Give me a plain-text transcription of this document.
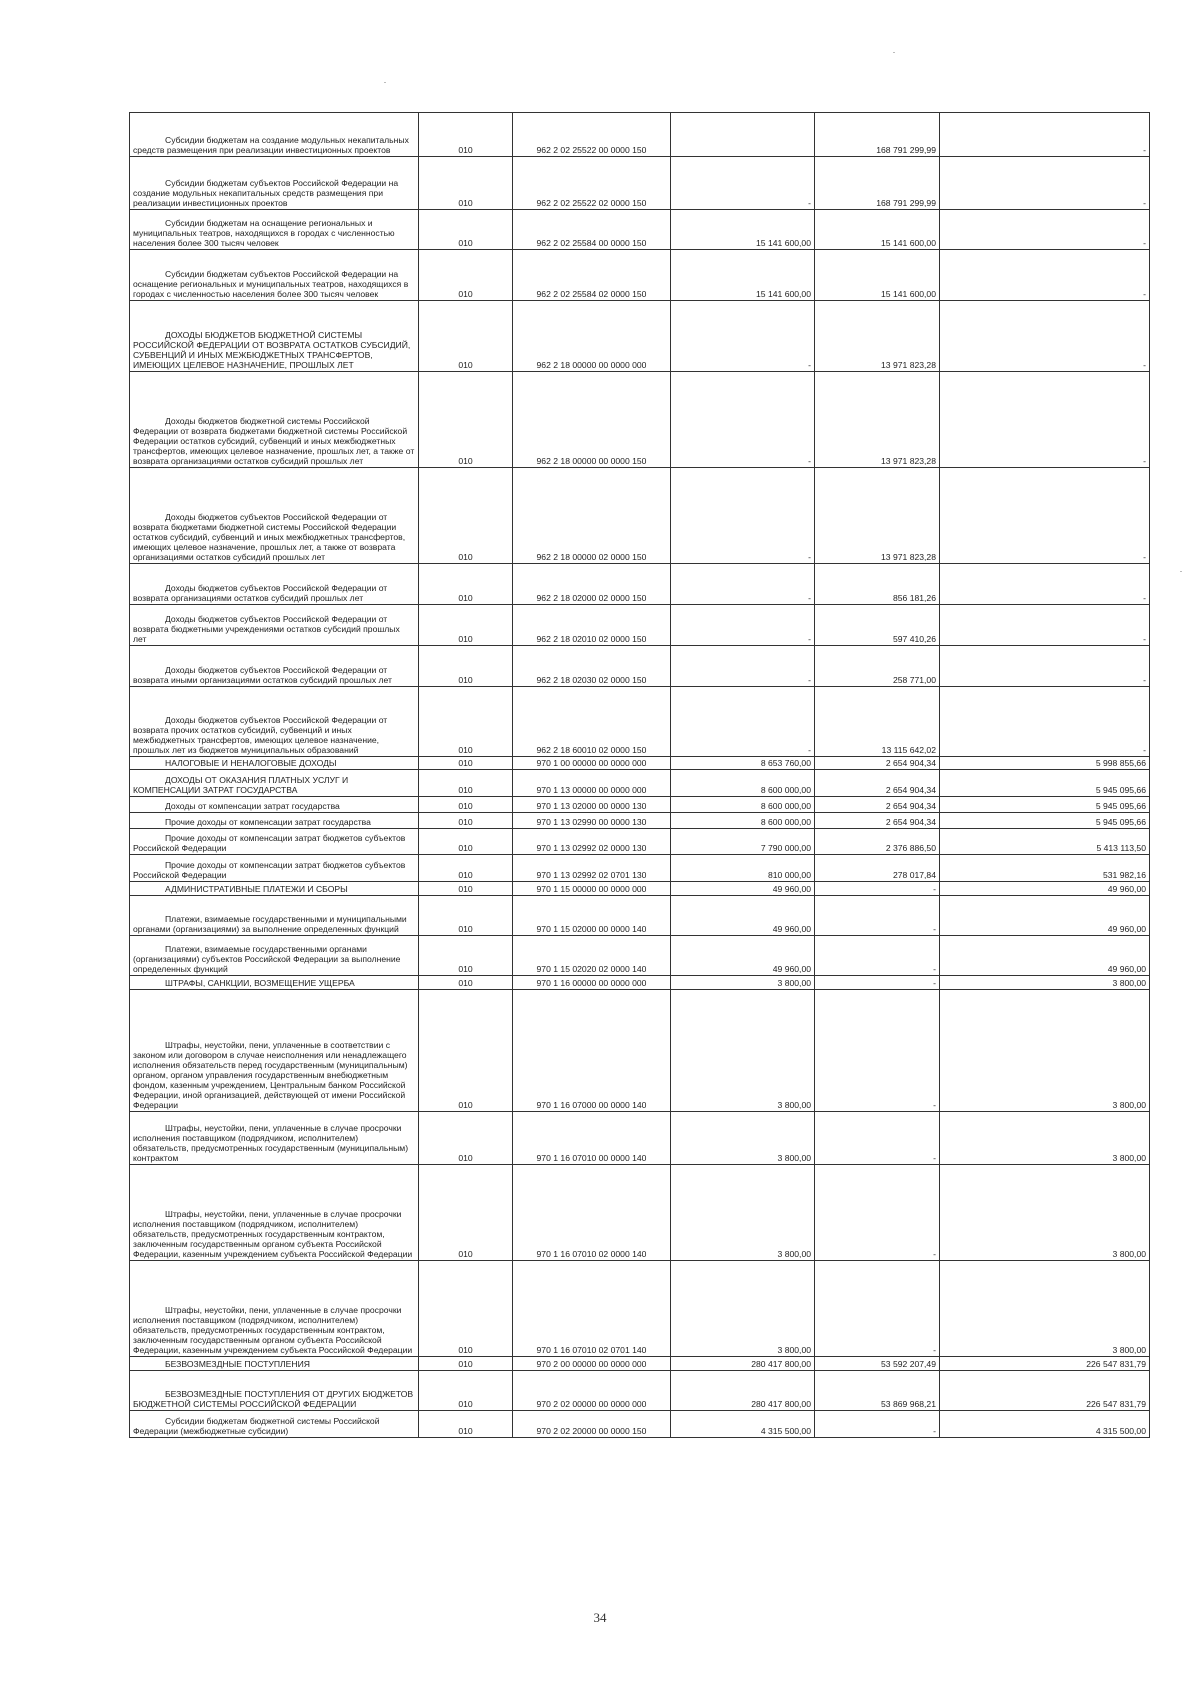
Субсидии бюджетам на создание модульных некапитальных средств размещения при реализации инвестиционных проектов	010	962 2 02 25522 00 0000 150		168 791 299,99	-
Субсидии бюджетам субъектов Российской Федерации на создание модульных некапитальных средств размещения при реализации инвестиционных проектов	010	962 2 02 25522 02 0000 150	-	168 791 299,99	-
Субсидии бюджетам на оснащение региональных и муниципальных театров, находящихся в городах с численностью населения более 300 тысяч человек	010	962 2 02 25584 00 0000 150	15 141 600,00	15 141 600,00	-
Субсидии бюджетам субъектов Российской Федерации на оснащение региональных и муниципальных театров, находящихся в городах с численностью населения более 300 тысяч человек	010	962 2 02 25584 02 0000 150	15 141 600,00	15 141 600,00	-
ДОХОДЫ БЮДЖЕТОВ БЮДЖЕТНОЙ СИСТЕМЫ РОССИЙСКОЙ ФЕДЕРАЦИИ ОТ ВОЗВРАТА ОСТАТКОВ СУБСИДИЙ, СУБВЕНЦИЙ И ИНЫХ МЕЖБЮДЖЕТНЫХ ТРАНСФЕРТОВ, ИМЕЮЩИХ ЦЕЛЕВОЕ НАЗНАЧЕНИЕ, ПРОШЛЫХ ЛЕТ	010	962 2 18 00000 00 0000 000	-	13 971 823,28	-
Доходы бюджетов бюджетной системы Российской Федерации от возврата бюджетами бюджетной системы Российской Федерации остатков субсидий, субвенций и иных межбюджетных трансфертов, имеющих целевое назначение, прошлых лет, а также от возврата организациями остатков субсидий прошлых лет	010	962 2 18 00000 00 0000 150	-	13 971 823,28	-
Доходы бюджетов субъектов Российской Федерации от возврата бюджетами бюджетной системы Российской Федерации остатков субсидий, субвенций и иных межбюджетных трансфертов, имеющих целевое назначение, прошлых лет, а также от возврата организациями остатков субсидий прошлых лет	010	962 2 18 00000 02 0000 150	-	13 971 823,28	-
Доходы бюджетов субъектов Российской Федерации от возврата организациями остатков субсидий прошлых лет	010	962 2 18 02000 02 0000 150	-	856 181,26	-
Доходы бюджетов субъектов Российской Федерации от возврата бюджетными учреждениями остатков субсидий прошлых лет	010	962 2 18 02010 02 0000 150	-	597 410,26	-
Доходы бюджетов субъектов Российской Федерации от возврата иными организациями остатков субсидий прошлых лет	010	962 2 18 02030 02 0000 150	-	258 771,00	-
Доходы бюджетов субъектов Российской Федерации от возврата прочих остатков субсидий, субвенций и иных межбюджетных трансфертов, имеющих целевое назначение, прошлых лет из бюджетов муниципальных образований	010	962 2 18 60010 02 0000 150	-	13 115 642,02	-
НАЛОГОВЫЕ И НЕНАЛОГОВЫЕ ДОХОДЫ	010	970 1 00 00000 00 0000 000	8 653 760,00	2 654 904,34	5 998 855,66
ДОХОДЫ ОТ ОКАЗАНИЯ ПЛАТНЫХ УСЛУГ И КОМПЕНСАЦИИ ЗАТРАТ ГОСУДАРСТВА	010	970 1 13 00000 00 0000 000	8 600 000,00	2 654 904,34	5 945 095,66
Доходы от компенсации затрат государства	010	970 1 13 02000 00 0000 130	8 600 000,00	2 654 904,34	5 945 095,66
Прочие доходы от компенсации затрат государства	010	970 1 13 02990 00 0000 130	8 600 000,00	2 654 904,34	5 945 095,66
Прочие доходы от компенсации затрат бюджетов субъектов Российской Федерации	010	970 1 13 02992 02 0000 130	7 790 000,00	2 376 886,50	5 413 113,50
Прочие доходы от компенсации затрат бюджетов субъектов Российской Федерации	010	970 1 13 02992 02 0701 130	810 000,00	278 017,84	531 982,16
АДМИНИСТРАТИВНЫЕ ПЛАТЕЖИ И СБОРЫ	010	970 1 15 00000 00 0000 000	49 960,00	-	49 960,00
Платежи, взимаемые государственными и муниципальными органами (организациями) за выполнение определенных функций	010	970 1 15 02000 00 0000 140	49 960,00	-	49 960,00
Платежи, взимаемые государственными органами (организациями) субъектов Российской Федерации за выполнение определенных функций	010	970 1 15 02020 02 0000 140	49 960,00	-	49 960,00
ШТРАФЫ, САНКЦИИ, ВОЗМЕЩЕНИЕ УЩЕРБА	010	970 1 16 00000 00 0000 000	3 800,00	-	3 800,00
Штрафы, неустойки, пени, уплаченные в соответствии с законом или договором в случае неисполнения или ненадлежащего исполнения обязательств перед государственным (муниципальным) органом, органом управления государственным внебюджетным фондом, казенным учреждением, Центральным банком Российской Федерации, иной организацией, действующей от имени Российской Федерации	010	970 1 16 07000 00 0000 140	3 800,00	-	3 800,00
Штрафы, неустойки, пени, уплаченные в случае просрочки исполнения поставщиком (подрядчиком, исполнителем) обязательств, предусмотренных государственным (муниципальным) контрактом	010	970 1 16 07010 00 0000 140	3 800,00	-	3 800,00
Штрафы, неустойки, пени, уплаченные в случае просрочки исполнения поставщиком (подрядчиком, исполнителем) обязательств, предусмотренных государственным контрактом, заключенным государственным органом субъекта Российской Федерации, казенным учреждением субъекта Российской Федерации	010	970 1 16 07010 02 0000 140	3 800,00	-	3 800,00
Штрафы, неустойки, пени, уплаченные в случае просрочки исполнения поставщиком (подрядчиком, исполнителем) обязательств, предусмотренных государственным контрактом, заключенным государственным органом субъекта Российской Федерации, казенным учреждением субъекта Российской Федерации	010	970 1 16 07010 02 0701 140	3 800,00	-	3 800,00
БЕЗВОЗМЕЗДНЫЕ ПОСТУПЛЕНИЯ	010	970 2 00 00000 00 0000 000	280 417 800,00	53 592 207,49	226 547 831,79
БЕЗВОЗМЕЗДНЫЕ ПОСТУПЛЕНИЯ ОТ ДРУГИХ БЮДЖЕТОВ БЮДЖЕТНОЙ СИСТЕМЫ РОССИЙСКОЙ ФЕДЕРАЦИИ	010	970 2 02 00000 00 0000 000	280 417 800,00	53 869 968,21	226 547 831,79
Субсидии бюджетам бюджетной системы Российской Федерации (межбюджетные субсидии)	010	970 2 02 20000 00 0000 150	4 315 500,00	-	4 315 500,00
34
